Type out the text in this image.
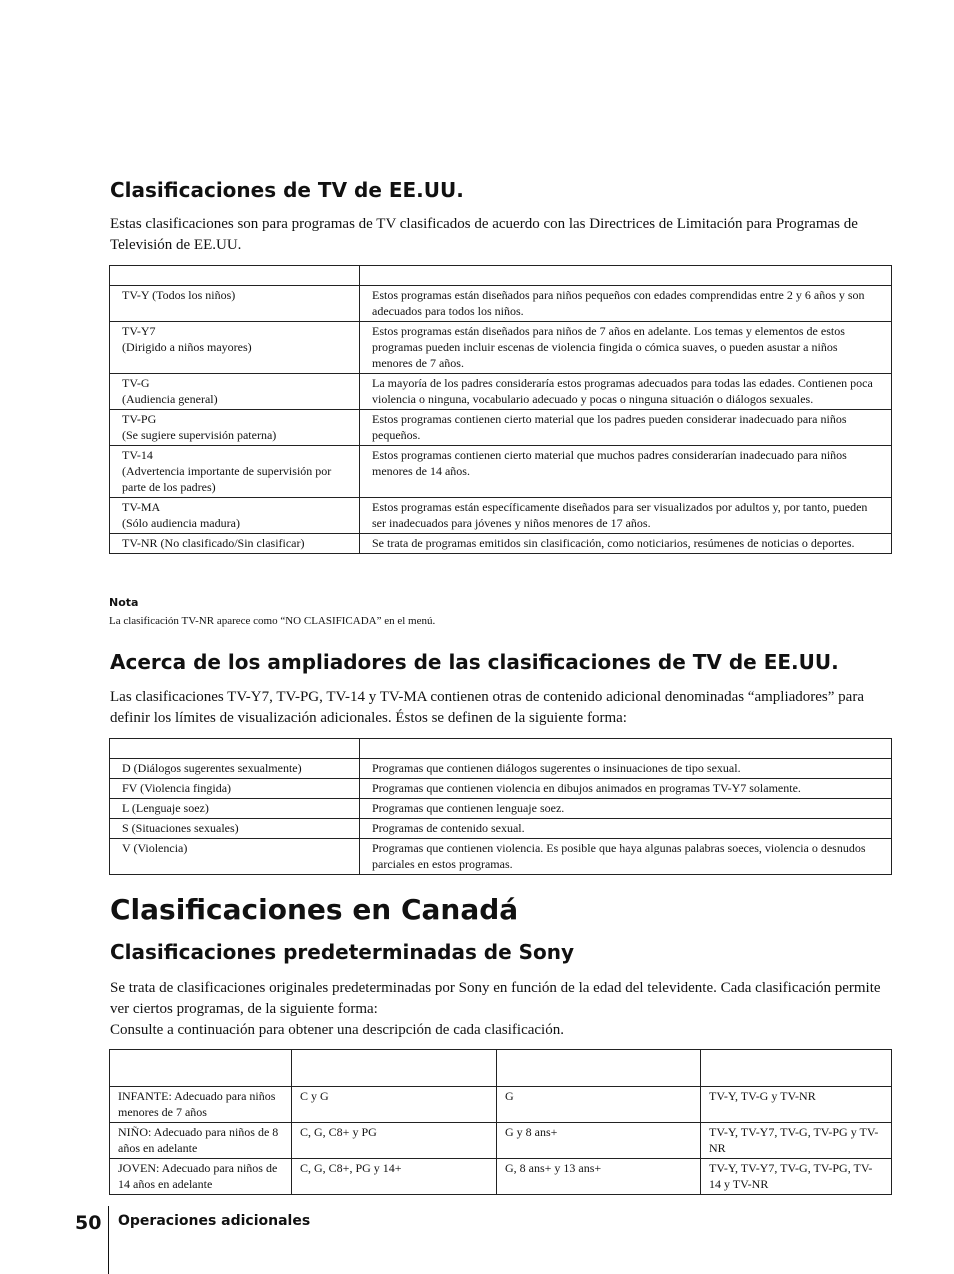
Clasificaciones de TV de EE.UU.
Estas clasificaciones son para programas de TV clasificados de acuerdo con las Directrices de Limitación para Programas de Televisión de EE.UU.

TV-Y (Todos los niños)	Estos programas están diseñados para niños pequeños con edades comprendidas entre 2 y 6 años y son adecuados para todos los niños.
TV-Y7
(Dirigido a niños mayores)	Estos programas están diseñados para niños de 7 años en adelante. Los temas y elementos de estos programas pueden incluir escenas de violencia fingida o cómica suaves, o pueden asustar a niños menores de 7 años.
TV-G
(Audiencia general)	La mayoría de los padres consideraría estos programas adecuados para todas las edades. Contienen poca violencia o ninguna, vocabulario adecuado y pocas o ninguna situación o diálogos sexuales.
TV-PG
(Se sugiere supervisión paterna)	Estos programas contienen cierto material que los padres pueden considerar inadecuado para niños pequeños.
TV-14
(Advertencia importante de supervisión por parte de los padres)	Estos programas contienen cierto material que muchos padres considerarían inadecuado para niños menores de 14 años.
TV-MA
(Sólo audiencia madura)	Estos programas están específicamente diseñados para ser visualizados por adultos y, por tanto, pueden ser inadecuados para jóvenes y niños menores de 17 años.
TV-NR (No clasificado/Sin clasificar)	Se trata de programas emitidos sin clasificación, como noticiarios, resúmenes de noticias o deportes.
Nota
La clasificación TV-NR aparece como “NO CLASIFICADA” en el menú.
Acerca de los ampliadores de las clasificaciones de TV de EE.UU.
Las clasificaciones TV-Y7, TV-PG, TV-14 y TV-MA contienen otras de contenido adicional denominadas “ampliadores” para definir los límites de visualización adicionales. Éstos se definen de la siguiente forma:

D (Diálogos sugerentes sexualmente)	Programas que contienen diálogos sugerentes o insinuaciones de tipo sexual.
FV (Violencia fingida)	Programas que contienen violencia en dibujos animados en programas TV-Y7 solamente.
L (Lenguaje soez)	Programas que contienen lenguaje soez.
S (Situaciones sexuales)	Programas de contenido sexual.
V (Violencia)	Programas que contienen violencia. Es posible que haya algunas palabras soeces, violencia o desnudos parciales en estos programas.
Clasificaciones en Canadá
Clasificaciones predeterminadas de Sony

Se trata de clasificaciones originales predeterminadas por Sony en función de la edad del televidente. Cada clasificación permite ver ciertos programas, de la siguiente forma:

Consulte a continuación para obtener una descripción de cada clasificación.

INFANTE: Adecuado para niños menores de 7 años	C y G	G	TV-Y, TV-G y TV-NR
NIÑO: Adecuado para niños de 8 años en adelante	C, G, C8+ y PG	G y 8 ans+	TV-Y, TV-Y7, TV-G, TV-PG y TV-NR
JOVEN: Adecuado para niños de 14 años en adelante	C, G, C8+, PG y 14+	G, 8 ans+ y 13 ans+	TV-Y, TV-Y7, TV-G, TV-PG, TV-14 y TV-NR
50 Operaciones adicionales
